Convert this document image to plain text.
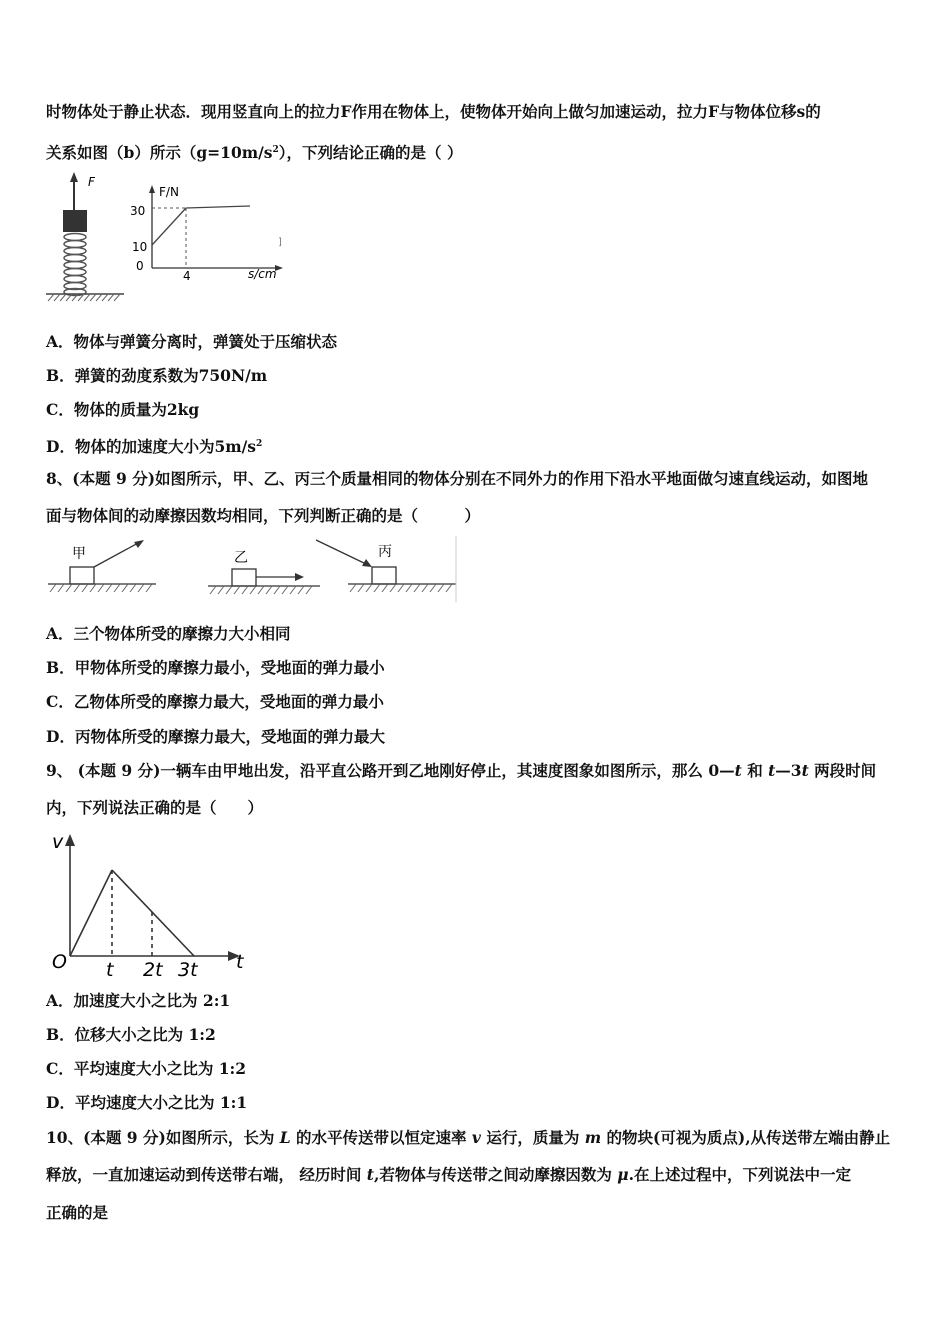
时物体处于静止状态．现用竖直向上的拉力F作用在物体上，使物体开始向上做匀加速运动，拉力F与物体位移s的
关系如图（b）所示$(g=10m/s^2)$，下列结论正确的是（ ）
F
F/N
30
10
0
4	s/cm
]
A．物体与弹簧分离时，弹簧处于压缩状态
B．弹簧的劲度系数为750N/m
C．物体的质量为2kg
D．物体的加速度大小为$5m/s^2$
8、(本题 9 分)如图所示，甲、乙、丙三个质量相同的物体分别在不同外力的作用下沿水平地面做匀速直线运动，如图地
面与物体间的动摩擦因数均相同，下列判断正确的是（　　　）
甲	乙	丙
A．三个物体所受的摩擦力大小相同
B．甲物体所受的摩擦力最小，受地面的弹力最小
C．乙物体所受的摩擦力最大，受地面的弹力最小
D．丙物体所受的摩擦力最大，受地面的弹力最大
9、 (本题 9 分)一辆车由甲地出发，沿平直公路开到乙地刚好停止，其速度图象如图所示，那么 0—t 和 t—3t 两段时间
内，下列说法正确的是（　　）
v
O	t
t 2t 3t
A．加速度大小之比为 2:1
B．位移大小之比为 1:2
C．平均速度大小之比为 1:2
D．平均速度大小之比为 1:1
10、(本题 9 分)如图所示，长为 L 的水平传送带以恒定速率 v 运行，质量为 m 的物块(可视为质点),从传送带左端由静止
释放，一直加速运动到传送带右端， 经历时间 t,若物体与传送带之间动摩擦因数为 μ.在上述过程中，下列说法中一定
正确的是
